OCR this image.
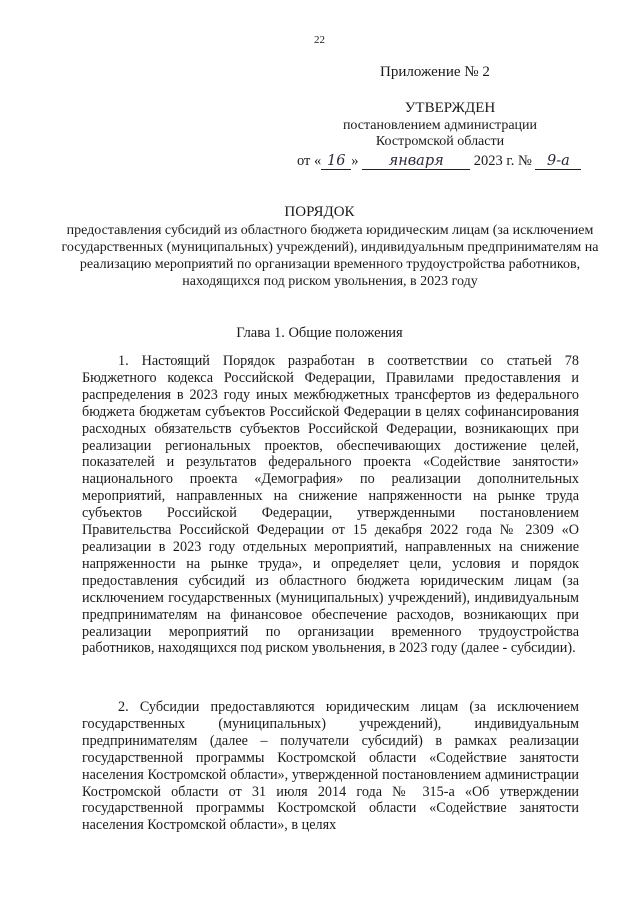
22
Приложение № 2
УТВЕРЖДЕН
постановлением администрации
Костромской области
от « 16 » января 2023 г. № 9-а
ПОРЯДОК
предоставления субсидий из областного бюджета юридическим лицам (за исключением государственных (муниципальных) учреждений), индивидуальным предпринимателям на реализацию мероприятий по организации временного трудоустройства работников, находящихся под риском увольнения, в 2023 году
Глава 1. Общие положения

1. Настоящий Порядок разработан в соответствии со статьей 78 Бюджетного кодекса Российской Федерации, Правилами предоставления и распределения в 2023 году иных межбюджетных трансфертов из федерального бюджета бюджетам субъектов Российской Федерации в целях софинансирования расходных обязательств субъектов Российской Федерации, возникающих при реализации региональных проектов, обеспечивающих достижение целей, показателей и результатов федерального проекта «Содействие занятости» национального проекта «Демография» по реализации дополнительных мероприятий, направленных на снижение напряженности на рынке труда субъектов Российской Федерации, утвержденными постановлением Правительства Российской Федерации от 15 декабря 2022 года № 2309 «О реализации в 2023 году отдельных мероприятий, направленных на снижение напряженности на рынке труда», и определяет цели, условия и порядок предоставления субсидий из областного бюджета юридическим лицам (за исключением государственных (муниципальных) учреждений), индивидуальным предпринимателям на финансовое обеспечение расходов, возникающих при реализации мероприятий по организации временного трудоустройства работников, находящихся под риском увольнения, в 2023 году (далее - субсидии).

2. Субсидии предоставляются юридическим лицам (за исключением государственных (муниципальных) учреждений), индивидуальным предпринимателям (далее – получатели субсидий) в рамках реализации государственной программы Костромской области «Содействие занятости населения Костромской области», утвержденной постановлением администрации Костромской области от 31 июля 2014 года № 315-а «Об утверждении государственной программы Костромской области «Содействие занятости населения Костромской области», в целях
